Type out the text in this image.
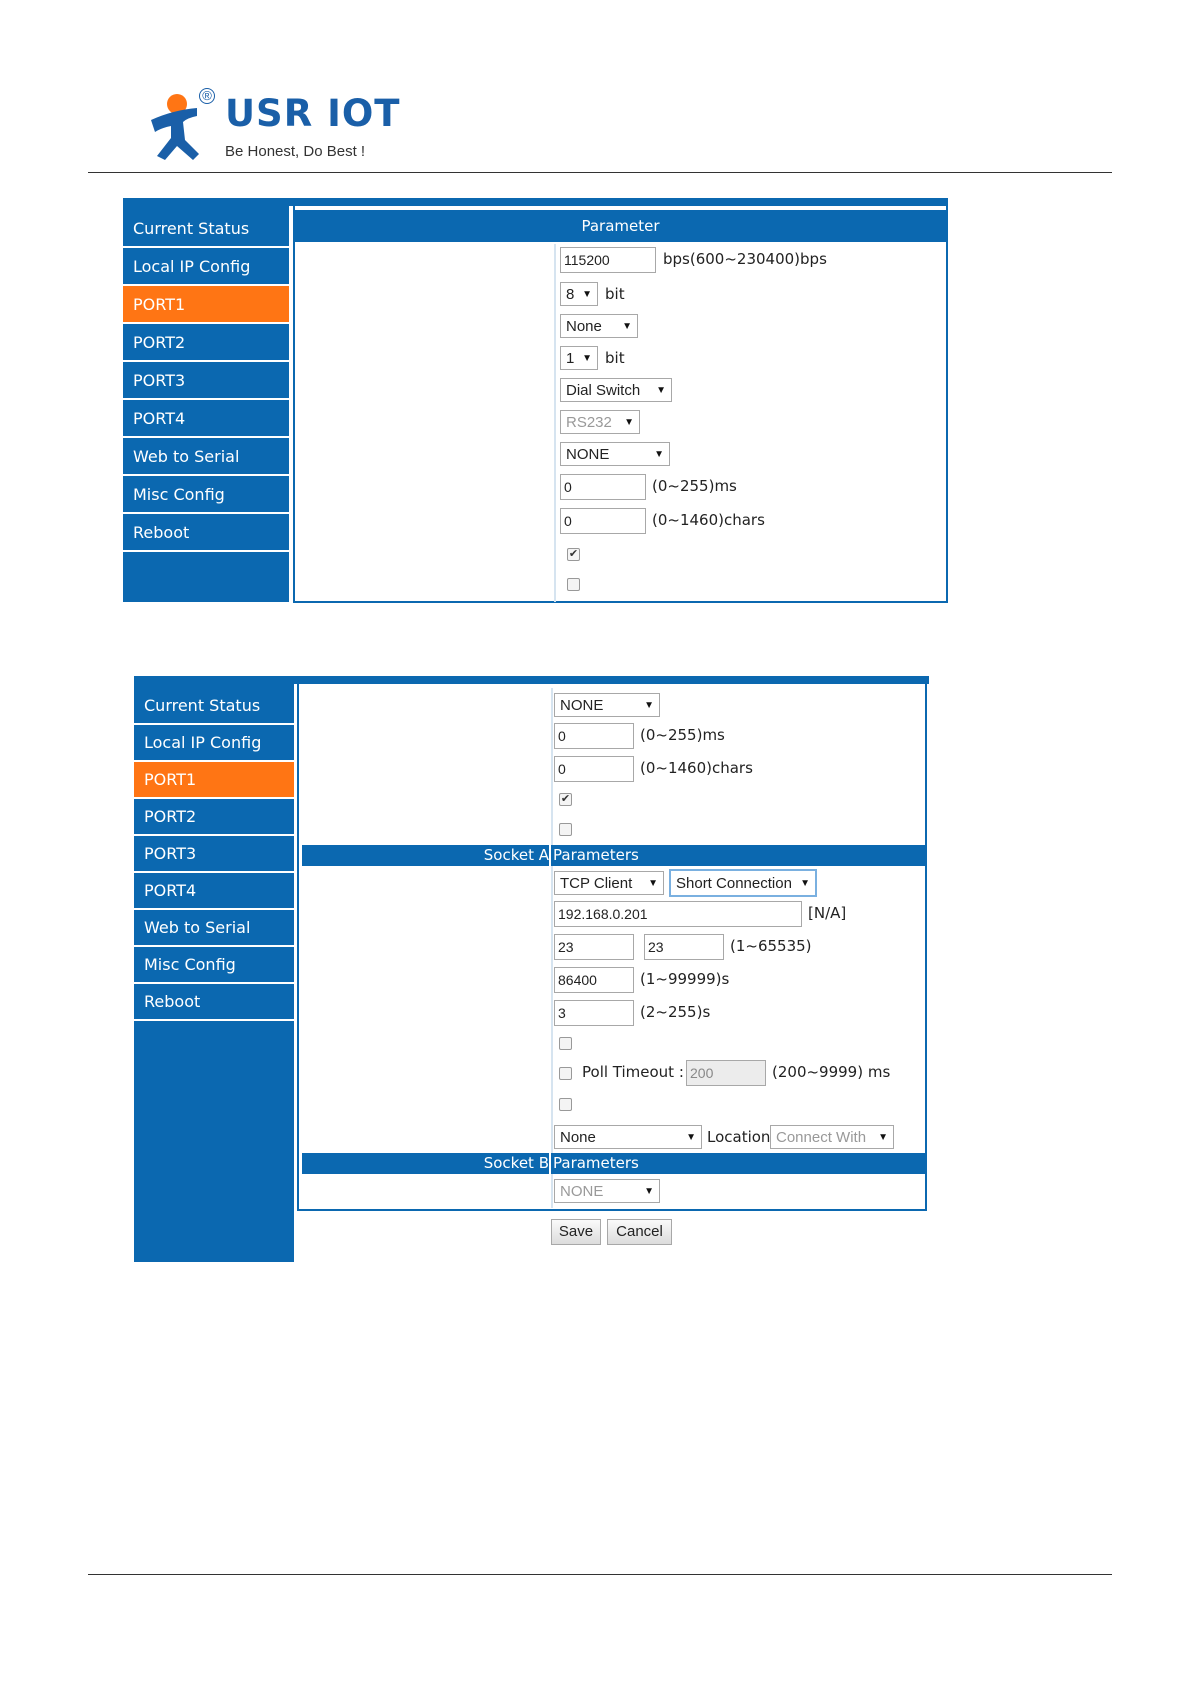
USR IOT
®
Be Honest, Do Best !
Current Status
Local IP Config
PORT1
PORT2
PORT3
PORT4
Web to Serial
Misc Config
Reboot
Parameter
115200	bps(600~230400)bps
8 ▼ bit
None ▼
1 ▼ bit
Dial Switch ▼
RS232 ▼
NONE	▼
0	(0~255)ms
0	(0~1460)chars
✔
Current Status
Local IP Config
PORT1
PORT2
PORT3
PORT4
Web to Serial
Misc Config
Reboot
NONE	▼
0	(0~255)ms
0	(0~1460)chars
✔
Socket A Parameters
TCP Client ▼ Short Connection ▼
192.168.0.201	[N/A]
23	23	(1~65535)
86400	(1~99999)s
3	(2~255)s
Poll Timeout : 200	(200~9999) ms
None	▼ Location Connect With ▼
Socket B Parameters
NONE	▼
Save	Cancel
